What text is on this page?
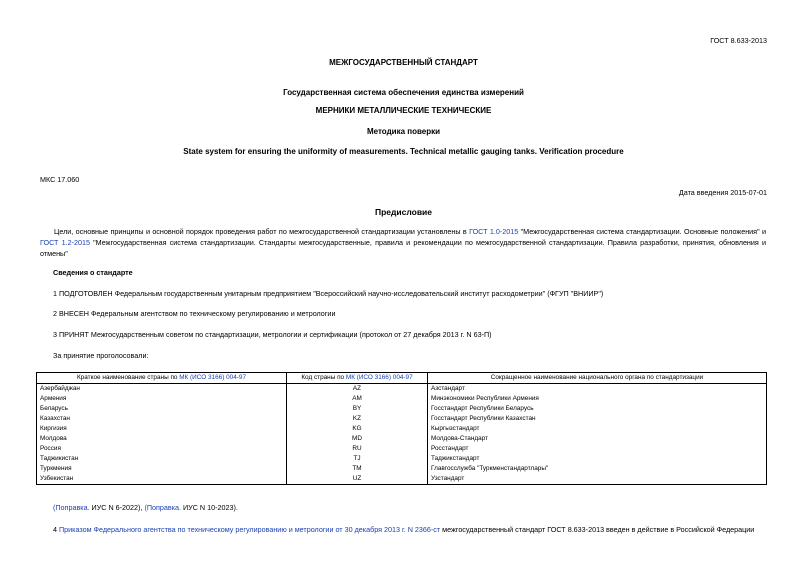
ГОСТ 8.633-2013
МЕЖГОСУДАРСТВЕННЫЙ СТАНДАРТ
Государственная система обеспечения единства измерений
МЕРНИКИ МЕТАЛЛИЧЕСКИЕ ТЕХНИЧЕСКИЕ
Методика поверки
State system for ensuring the uniformity of measurements. Technical metallic gauging tanks. Verification procedure
МКС 17.060
Дата введения 2015-07-01
Предисловие
Цели, основные принципы и основной порядок проведения работ по межгосударственной стандартизации установлены в ГОСТ 1.0-2015 "Межгосударственная система стандартизации. Основные положения" и ГОСТ 1.2-2015 "Межгосударственная система стандартизации. Стандарты межгосударственные, правила и рекомендации по межгосударственной стандартизации. Правила разработки, принятия, обновления и отмены"
Сведения о стандарте
1 ПОДГОТОВЛЕН Федеральным государственным унитарным предприятием "Всероссийский научно-исследовательский институт расходометрии" (ФГУП "ВНИИР")
2 ВНЕСЕН Федеральным агентством по техническому регулированию и метрологии
3 ПРИНЯТ Межгосударственным советом по стандартизации, метрологии и сертификации (протокол от 27 декабря 2013 г. N 63-П)
За принятие проголосовали:
Краткое наименование страны по МК (ИСО 3166) 004-97	Код страны по МК (ИСО 3166) 004-97	Сокращенное наименование национального органа по стандартизации
Азербайджан	AZ	Азстандарт
Армения	AM	Минэкономики Республики Армения
Беларусь	BY	Госстандарт Республики Беларусь
Казахстан	KZ	Госстандарт Республики Казахстан
Киргизия	KG	Кыргызстандарт
Молдова	MD	Молдова-Стандарт
Россия	RU	Росстандарт
Таджикистан	TJ	Таджикстандарт
Туркмения	TM	Главгосслужба "Туркменстандартлары"
Узбекистан	UZ	Узстандарт
(Поправка. ИУС N 6-2022), (Поправка. ИУС N 10-2023).
4 Приказом Федерального агентства по техническому регулированию и метрологии от 30 декабря 2013 г. N 2366-ст межгосударственный стандарт ГОСТ 8.633-2013 введен в действие в Российской Федерации
